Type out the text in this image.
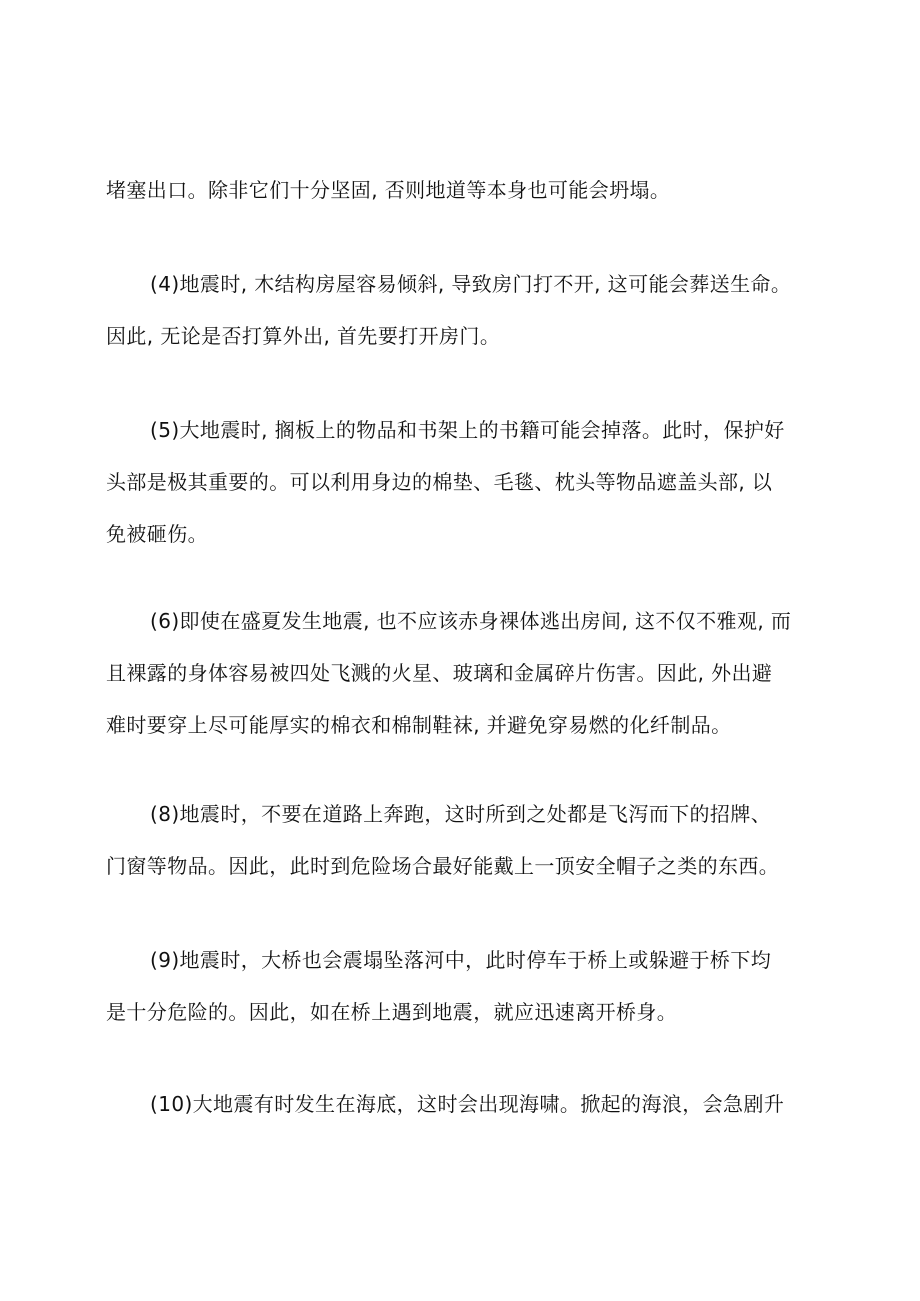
堵塞出口。除非它们十分坚固, 否则地道等本身也可能会坍塌。

(4)地震时, 木结构房屋容易倾斜, 导致房门打不开, 这可能会葬送生命。
因此, 无论是否打算外出, 首先要打开房门。

(5)大地震时, 搁板上的物品和书架上的书籍可能会掉落。此时，保护好
头部是极其重要的。可以利用身边的棉垫、毛毯、枕头等物品遮盖头部, 以
免被砸伤。

(6)即使在盛夏发生地震, 也不应该赤身裸体逃出房间, 这不仅不雅观, 而
且裸露的身体容易被四处飞溅的火星、玻璃和金属碎片伤害。因此, 外出避
难时要穿上尽可能厚实的棉衣和棉制鞋袜, 并避免穿易燃的化纤制品。

(8)地震时，不要在道路上奔跑，这时所到之处都是飞泻而下的招牌、
门窗等物品。因此，此时到危险场合最好能戴上一顶安全帽子之类的东西。

(9)地震时，大桥也会震塌坠落河中，此时停车于桥上或躲避于桥下均
是十分危险的。因此，如在桥上遇到地震，就应迅速离开桥身。

(10)大地震有时发生在海底，这时会出现海啸。掀起的海浪，会急剧升
